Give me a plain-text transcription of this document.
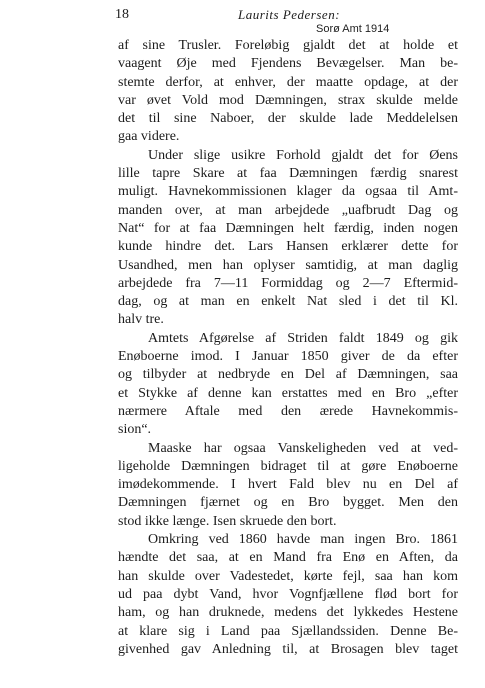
18	Laurits Pedersen:
Sorø Amt 1914
af sine Trusler. Foreløbig gjaldt det at holde et
vaagent Øje med Fjendens Bevægelser. Man be-
stemte derfor, at enhver, der maatte opdage, at der
var øvet Vold mod Dæmningen, strax skulde melde
det til sine Naboer, der skulde lade Meddelelsen
gaa videre.
Under slige usikre Forhold gjaldt det for Øens
lille tapre Skare at faa Dæmningen færdig snarest
muligt. Havnekommissionen klager da ogsaa til Amt-
manden over, at man arbejdede „uafbrudt Dag og
Nat“ for at faa Dæmningen helt færdig, inden nogen
kunde hindre det. Lars Hansen erklærer dette for
Usandhed, men han oplyser samtidig, at man daglig
arbejdede fra 7—11 Formiddag og 2—7 Eftermid-
dag, og at man en enkelt Nat sled i det til Kl.
halv tre.
Amtets Afgørelse af Striden faldt 1849 og gik
Enøboerne imod. I Januar 1850 giver de da efter
og tilbyder at nedbryde en Del af Dæmningen, saa
et Stykke af denne kan erstattes med en Bro „efter
nærmere Aftale med den ærede Havnekommis-
sion“.
Maaske har ogsaa Vanskeligheden ved at ved-
ligeholde Dæmningen bidraget til at gøre Enøboerne
imødekommende. I hvert Fald blev nu en Del af
Dæmningen fjærnet og en Bro bygget. Men den
stod ikke længe. Isen skruede den bort.
Omkring ved 1860 havde man ingen Bro. 1861
hændte det saa, at en Mand fra Enø en Aften, da
han skulde over Vadestedet, kørte fejl, saa han kom
ud paa dybt Vand, hvor Vognfjællene flød bort for
ham, og han druknede, medens det lykkedes Hestene
at klare sig i Land paa Sjællandssiden. Denne Be-
givenhed gav Anledning til, at Brosagen blev taget
